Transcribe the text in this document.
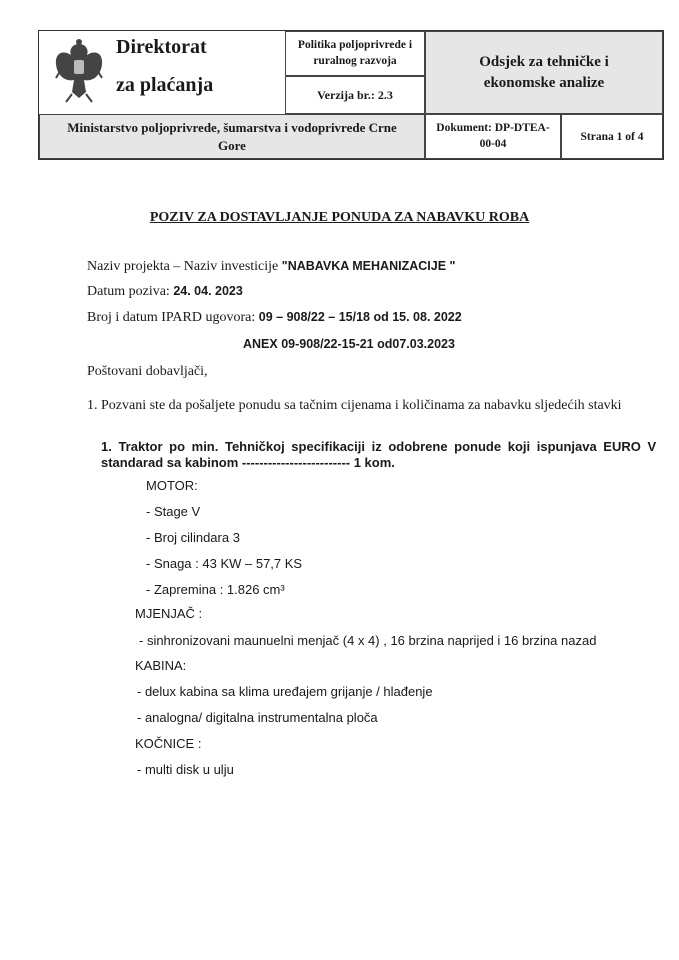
Politika poljoprivrede i ruralnog razvoja
Verzija br.: 2.3
Odsjek za tehničke i ekonomske analize
Ministarstvo poljoprivrede, šumarstva i vodoprivrede Crne Gore
Dokument: DP-DTEA-00-04
Strana 1 of 4
Direktorat
za plaćanja
POZIV ZA DOSTAVLJANJE PONUDA ZA NABAVKU ROBA
Naziv projekta – Naziv investicije "NABAVKA MEHANIZACIJE "
Datum poziva: 24. 04. 2023
Broj i datum IPARD ugovora: 09 – 908/22 – 15/18 od 15. 08. 2022
ANEX 09-908/22-15-21 od07.03.2023
Poštovani dobavljači,
1. Pozvani ste da pošaljete ponudu sa tačnim cijenama i količinama za nabavku sljedećih stavki
1. Traktor po min. Tehničkoj specifikaciji iz odobrene ponude koji ispunjava EURO V
standarad sa kabinom ------------------------- 1 kom.
MOTOR:
- Stage V
- Broj cilindara 3
- Snaga : 43 KW – 57,7 KS
- Zapremina : 1.826 cm³
MJENJAČ :
- sinhronizovani maunuelni menjač (4 x 4) , 16 brzina naprijed i 16 brzina nazad
KABINA:
- delux kabina sa klima uređajem grijanje / hlađenje
- analogna/ digitalna instrumentalna ploča
KOČNICE :
- multi disk u ulju
